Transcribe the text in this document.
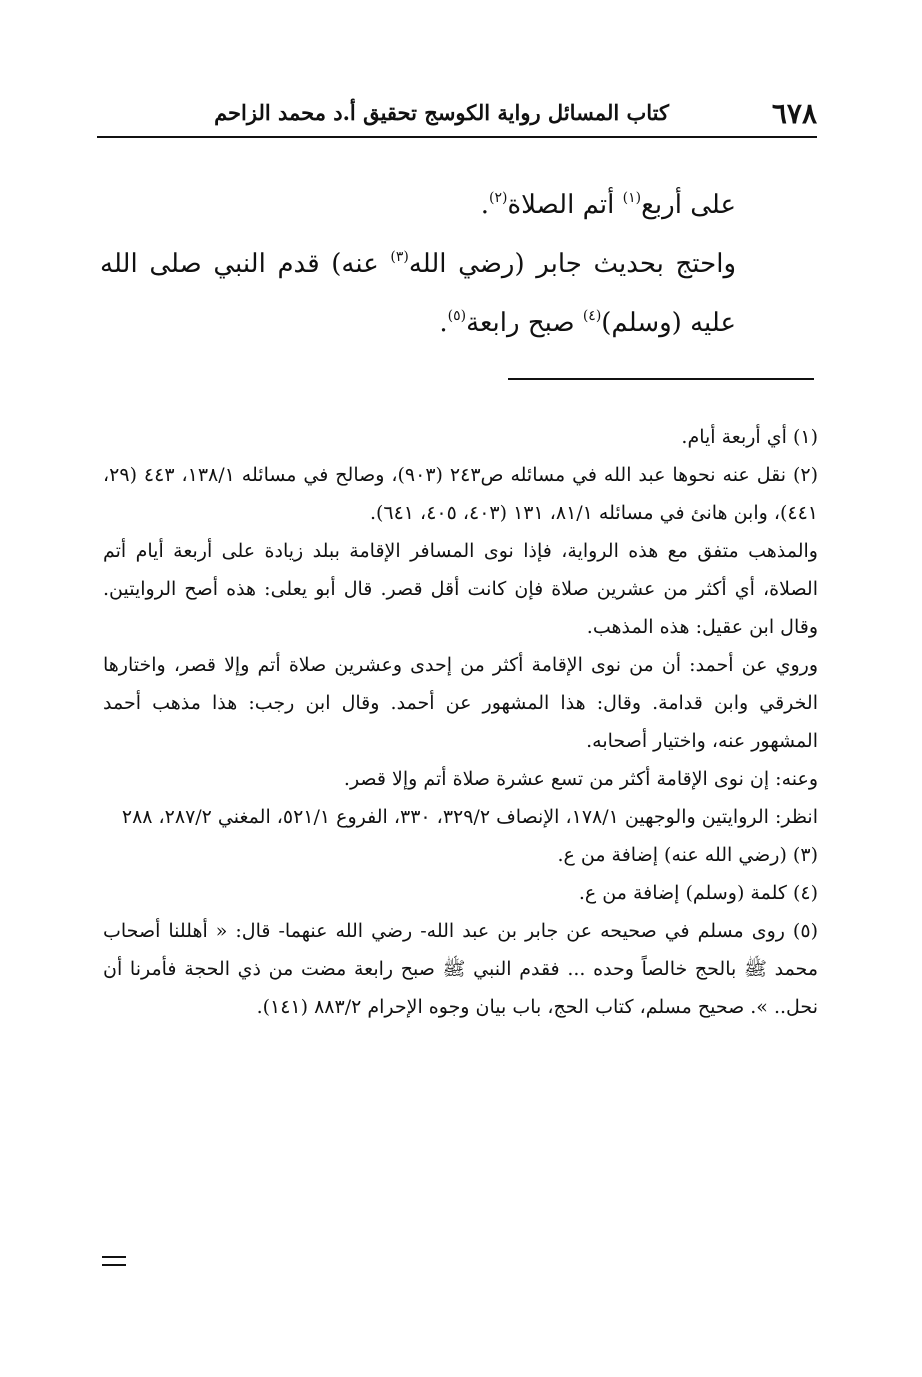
٦٧٨
كتاب المسائل رواية الكوسج تحقيق أ.د محمد الزاحم

على أربع$^{(١)}$ أتم الصلاة$^{(٢)}$.

واحتج بحديث جابر (رضي الله$^{(٣)}$ عنه) قدم النبي صلى الله عليه (وسلم)$^{(٤)}$ صبح رابعة$^{(٥)}$.

(١) أي أربعة أيام.

(٢) نقل عنه نحوها عبد الله في مسائله ص٢٤٣ (٩٠٣)، وصالح في مسائله ١٣٨/١، ٤٤٣ (٢٩، ٤٤١)، وابن هانئ في مسائله ٨١/١، ١٣١ (٤٠٣، ٤٠٥، ٦٤١).

والمذهب متفق مع هذه الرواية، فإذا نوى المسافر الإقامة ببلد زيادة على أربعة أيام أتم الصلاة، أي أكثر من عشرين صلاة فإن كانت أقل قصر. قال أبو يعلى: هذه أصح الروايتين. وقال ابن عقيل: هذه المذهب.

وروي عن أحمد: أن من نوى الإقامة أكثر من إحدى وعشرين صلاة أتم وإلا قصر، واختارها الخرقي وابن قدامة. وقال: هذا المشهور عن أحمد. وقال ابن رجب: هذا مذهب أحمد المشهور عنه، واختيار أصحابه.

وعنه: إن نوى الإقامة أكثر من تسع عشرة صلاة أتم وإلا قصر.

انظر: الروايتين والوجهين ١٧٨/١، الإنصاف ٣٢٩/٢، ٣٣٠، الفروع ٥٢١/١، المغني ٢٨٧/٢، ٢٨٨

(٣) (رضي الله عنه) إضافة من ع.

(٤) كلمة (وسلم) إضافة من ع.

(٥) روى مسلم في صحيحه عن جابر بن عبد الله- رضي الله عنهما- قال: « أهللنا أصحاب محمد ﷺ بالحج خالصاً وحده ... فقدم النبي ﷺ صبح رابعة مضت من ذي الحجة فأمرنا أن نحل.. ». صحيح مسلم، كتاب الحج، باب بيان وجوه الإحرام ٨٨٣/٢ (١٤١).
